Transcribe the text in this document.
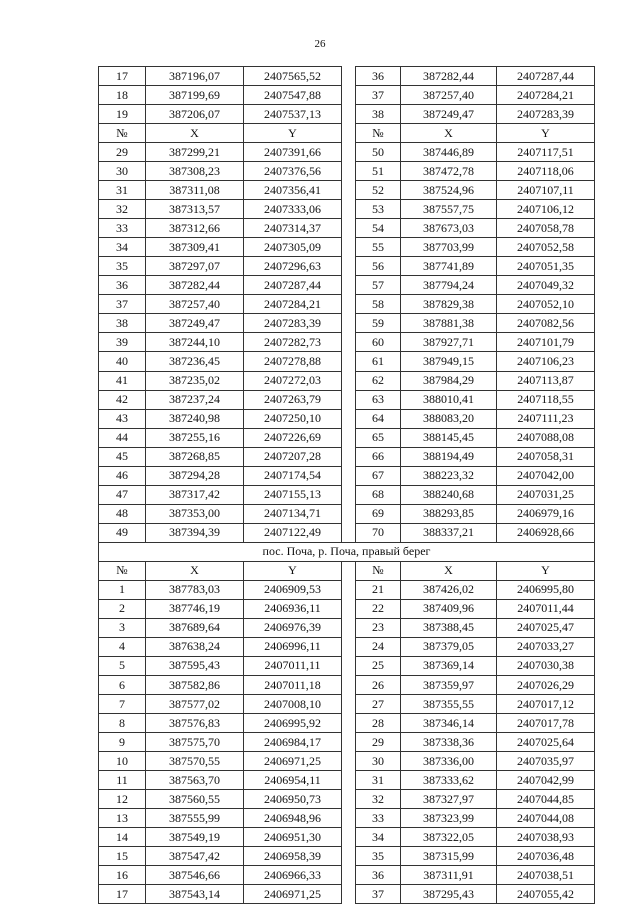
26
17	387196,07	2407565,52		36	387282,44	2407287,44
18	387199,69	2407547,88		37	387257,40	2407284,21
19	387206,07	2407537,13		38	387249,47	2407283,39
№	X	Y		№	X	Y
29	387299,21	2407391,66		50	387446,89	2407117,51
30	387308,23	2407376,56		51	387472,78	2407118,06
31	387311,08	2407356,41		52	387524,96	2407107,11
32	387313,57	2407333,06		53	387557,75	2407106,12
33	387312,66	2407314,37		54	387673,03	2407058,78
34	387309,41	2407305,09		55	387703,99	2407052,58
35	387297,07	2407296,63		56	387741,89	2407051,35
36	387282,44	2407287,44		57	387794,24	2407049,32
37	387257,40	2407284,21		58	387829,38	2407052,10
38	387249,47	2407283,39		59	387881,38	2407082,56
39	387244,10	2407282,73		60	387927,71	2407101,79
40	387236,45	2407278,88		61	387949,15	2407106,23
41	387235,02	2407272,03		62	387984,29	2407113,87
42	387237,24	2407263,79		63	388010,41	2407118,55
43	387240,98	2407250,10		64	388083,20	2407111,23
44	387255,16	2407226,69		65	388145,45	2407088,08
45	387268,85	2407207,28		66	388194,49	2407058,31
46	387294,28	2407174,54		67	388223,32	2407042,00
47	387317,42	2407155,13		68	388240,68	2407031,25
48	387353,00	2407134,71		69	388293,85	2406979,16
49	387394,39	2407122,49		70	388337,21	2406928,66
пос. Поча, р. Поча, правый берег						
№	X	Y		№	X	Y
1	387783,03	2406909,53		21	387426,02	2406995,80
2	387746,19	2406936,11		22	387409,96	2407011,44
3	387689,64	2406976,39		23	387388,45	2407025,47
4	387638,24	2406996,11		24	387379,05	2407033,27
5	387595,43	2407011,11		25	387369,14	2407030,38
6	387582,86	2407011,18		26	387359,97	2407026,29
7	387577,02	2407008,10		27	387355,55	2407017,12
8	387576,83	2406995,92		28	387346,14	2407017,78
9	387575,70	2406984,17		29	387338,36	2407025,64
10	387570,55	2406971,25		30	387336,00	2407035,97
11	387563,70	2406954,11		31	387333,62	2407042,99
12	387560,55	2406950,73		32	387327,97	2407044,85
13	387555,99	2406948,96		33	387323,99	2407044,08
14	387549,19	2406951,30		34	387322,05	2407038,93
15	387547,42	2406958,39		35	387315,99	2407036,48
16	387546,66	2406966,33		36	387311,91	2407038,51
17	387543,14	2406971,25		37	387295,43	2407055,42
